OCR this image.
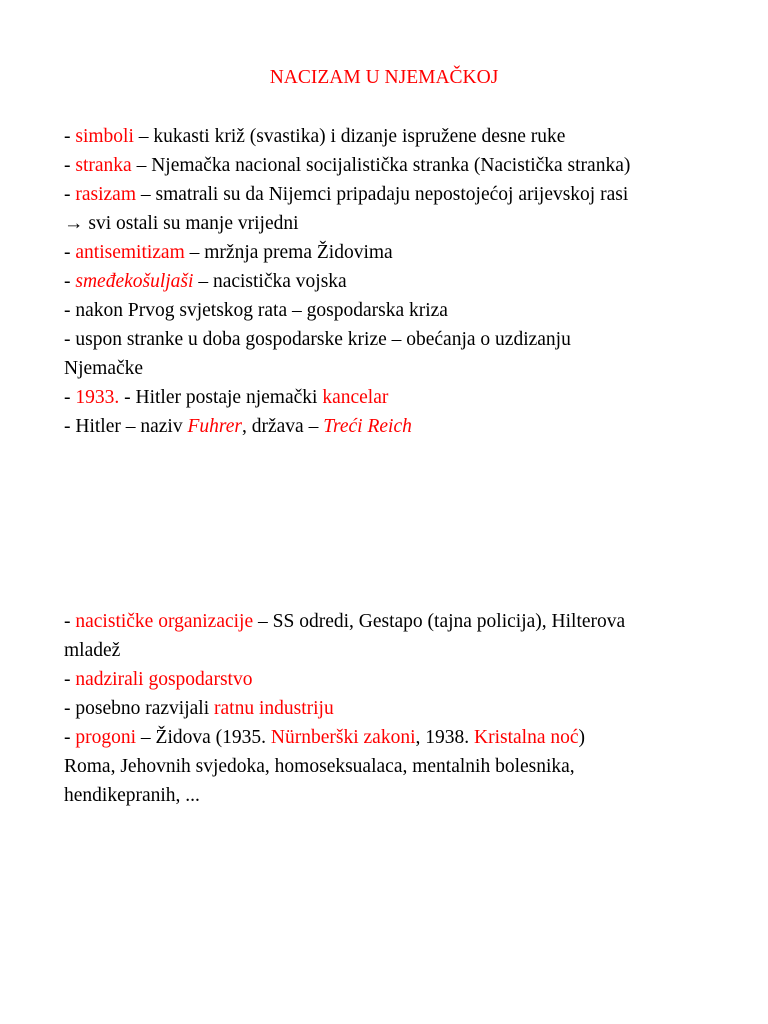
NACIZAM U NJEMAČKOJ
- simboli – kukasti križ (svastika) i dizanje ispružene desne ruke
- stranka – Njemačka nacional socijalistička stranka (Nacistička stranka)
- rasizam – smatrali su da Nijemci pripadaju nepostojećoj arijevskoj rasi
→ svi ostali su manje vrijedni
- antisemitizam – mržnja prema Židovima
- smeđekošuljaši – nacistička vojska
- nakon Prvog svjetskog rata – gospodarska kriza
- uspon stranke u doba gospodarske krize – obećanja o uzdizanju
Njemačke
- 1933. - Hitler postaje njemački kancelar
- Hitler – naziv Fuhrer, država – Treći Reich
- nacističke organizacije – SS odredi, Gestapo (tajna policija), Hilterova
mladež
- nadzirali gospodarstvo
- posebno razvijali ratnu industriju
- progoni – Židova (1935. Nürnberški zakoni, 1938. Kristalna noć)
Roma, Jehovnih svjedoka, homoseksualaca, mentalnih bolesnika,
hendikepranih, ...
